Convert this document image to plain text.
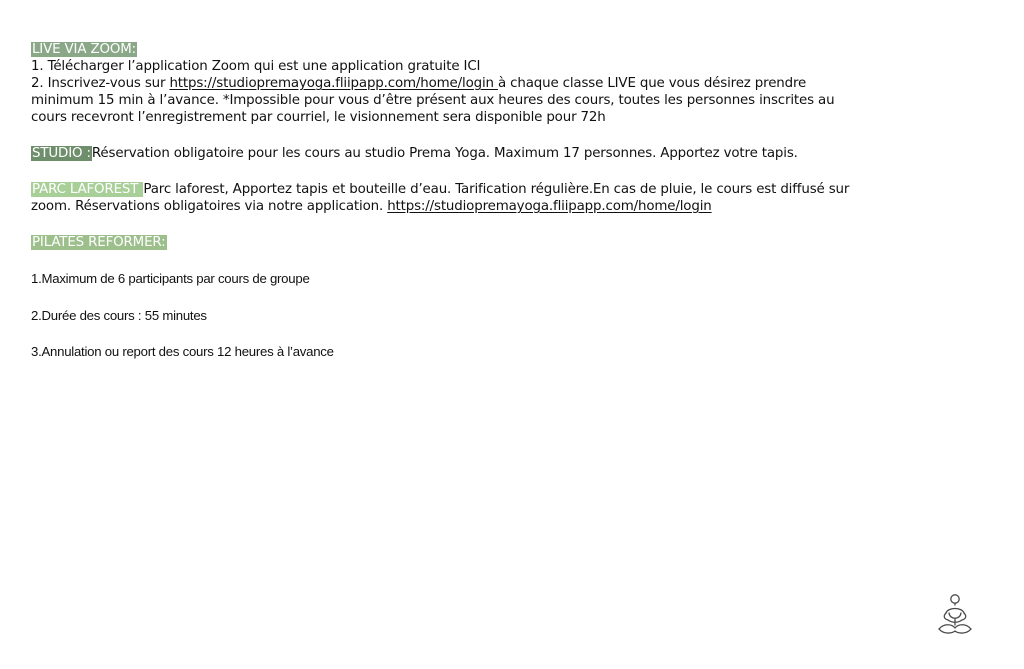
LIVE VIA ZOOM:

1. Télécharger l’application Zoom qui est une application gratuite ICI

2. Inscrivez-vous sur https://studiopremayoga.fliipapp.com/home/login à chaque classe LIVE que vous désirez prendre minimum 15 min à l’avance. *Impossible pour vous d’être présent aux heures des cours, toutes les personnes inscrites au cours recevront l’enregistrement par courriel, le visionnement sera disponible pour 72h

STUDIO :Réservation obligatoire pour les cours au studio Prema Yoga. Maximum 17 personnes. Apportez votre tapis.

PARC LAFOREST Parc laforest, Apportez tapis et bouteille d’eau. Tarification régulière.En cas de pluie, le cours est diffusé sur zoom. Réservations obligatoires via notre application. https://studiopremayoga.fliipapp.com/home/login

PILATES REFORMER:

1.Maximum de 6 participants par cours de groupe

2.Durée des cours : 55 minutes

3.Annulation ou report des cours 12 heures à l’avance
